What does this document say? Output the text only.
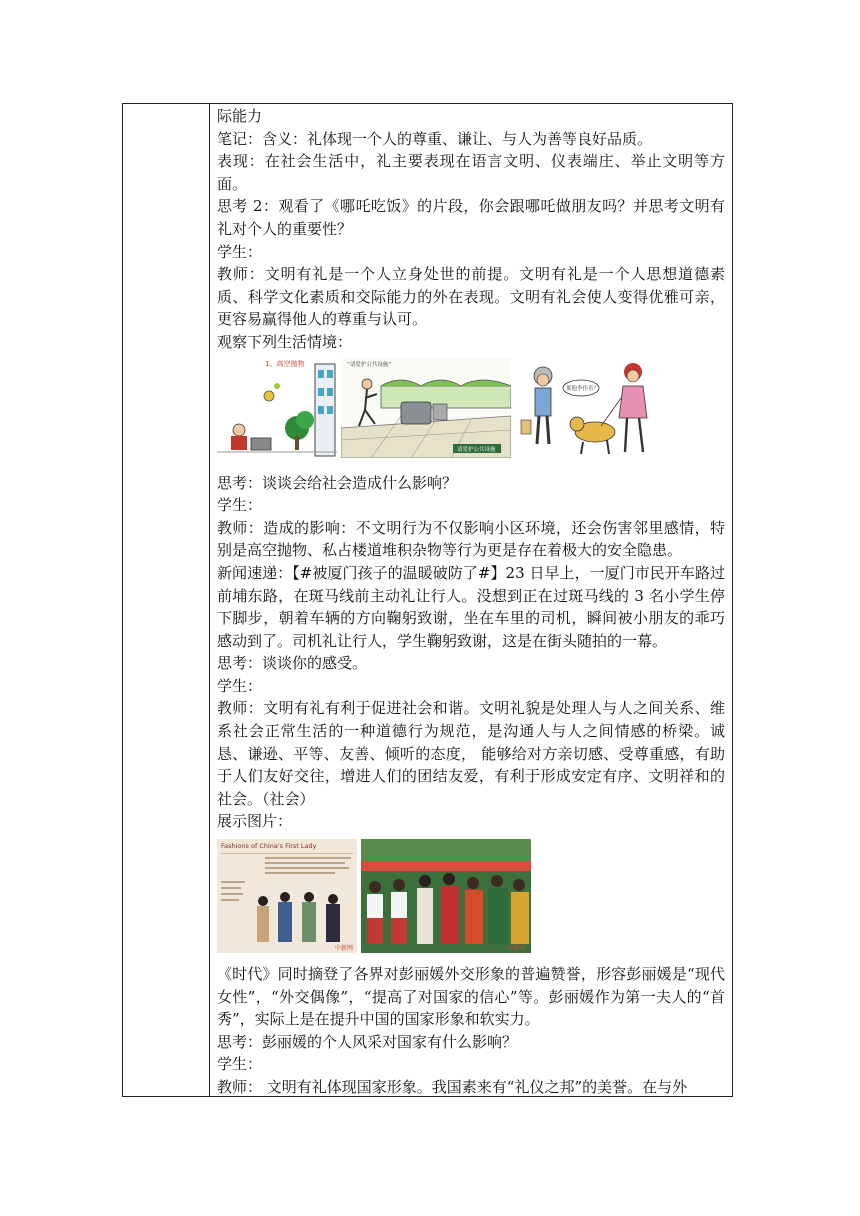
际能力

笔记：含义：礼体现一个人的尊重、谦让、与人为善等良好品质。

表现：在社会生活中，礼主要表现在语言文明、仪表端庄、举止文明等方面。

思考 2：观看了《哪吒吃饭》的片段，你会跟哪吒做朋友吗？并思考文明有礼对个人的重要性？

学生：

教师：文明有礼是一个人立身处世的前提。文明有礼是一个人思想道德素质、科学文化素质和交际能力的外在表现。文明有礼会使人变得优雅可亲，更容易赢得他人的尊重与认可。

观察下列生活情境：

1、高空抛物	“请爱护公共设施”
请爱护公共设施
那他李佳乐？

思考：谈谈会给社会造成什么影响？

学生：

教师：造成的影响：不文明行为不仅影响小区环境，还会伤害邻里感情，特别是高空抛物、私占楼道堆积杂物等行为更是存在着极大的安全隐患。

新闻速递：【#被厦门孩子的温暖破防了#】23 日早上，一厦门市民开车路过前埔东路，在斑马线前主动礼让行人。没想到正在过斑马线的 3 名小学生停下脚步，朝着车辆的方向鞠躬致谢，坐在车里的司机，瞬间被小朋友的乖巧感动到了。司机礼让行人，学生鞠躬致谢，这是在街头随拍的一幕。

思考：谈谈你的感受。

学生：

教师：文明有礼有利于促进社会和谐。文明礼貌是处理人与人之间关系、维系社会正常生活的一种道德行为规范，是沟通人与人之间情感的桥梁。诚恳、谦逊、平等、友善、倾听的态度， 能够给对方亲切感、受尊重感，有助于人们友好交往，增进人们的团结友爱，有利于形成安定有序、文明祥和的社会。（社会）

展示图片：

Fashions of China's First Lady
中新网	中新网

《时代》同时摘登了各界对彭丽媛外交形象的普遍赞誉，形容彭丽媛是“现代女性”，“外交偶像”，“提高了对国家的信心”等。彭丽媛作为第一夫人的“首秀”，实际上是在提升中国的国家形象和软实力。

思考：彭丽媛的个人风采对国家有什么影响？

学生：

教师： 文明有礼体现国家形象。我国素来有“礼仪之邦”的美誉。在与外
